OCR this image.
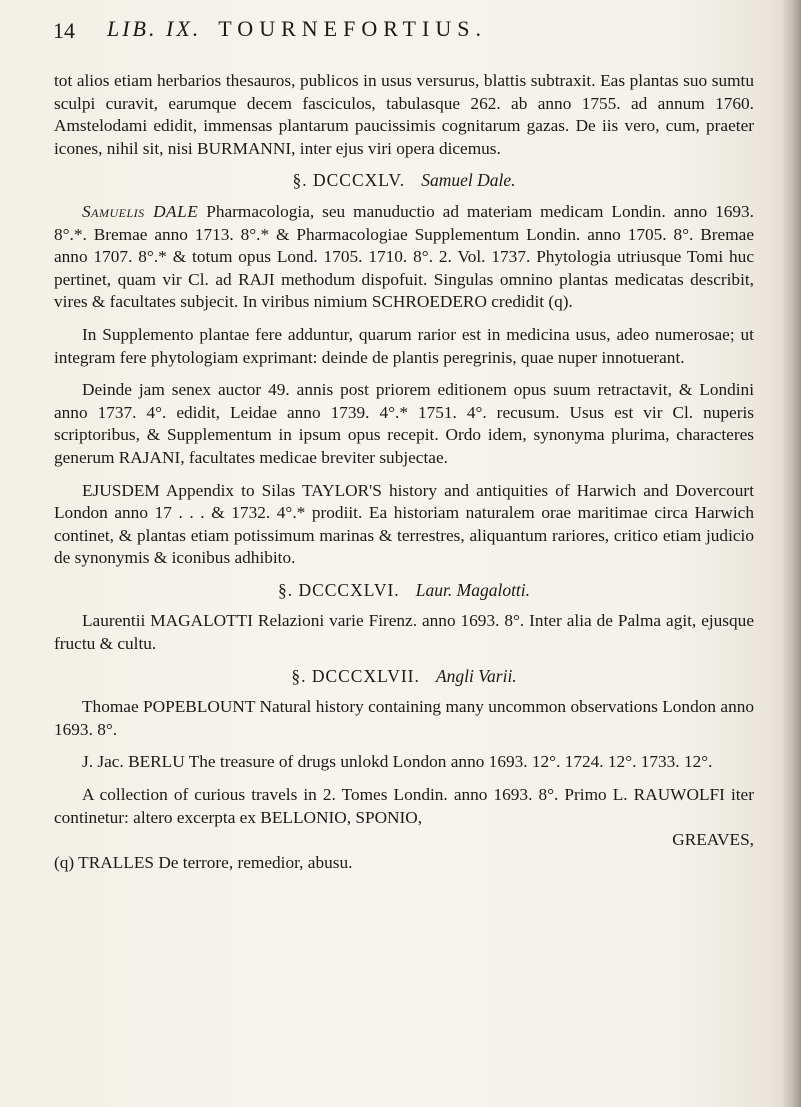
14 LIB. IX. TOURNEFORTIUS.

tot alios etiam herbarios thesauros, publicos in usus versurus, blattis subtraxit. Eas plantas suo sumtu sculpi curavit, earumque decem fasciculos, tabulasque 262. ab anno 1755. ad annum 1760. Amstelodami edidit, immensas plantarum paucissimis cognitarum gazas. De iis vero, cum, praeter icones, nihil sit, nisi BURMANNI, inter ejus viri opera dicemus.

§. DCCCXLV. Samuel Dale.

Samuelis DALE Pharmacologia, seu manuductio ad materiam medicam Londin. anno 1693. 8°.*. Bremae anno 1713. 8°.* & Pharmacologiae Supplementum Londin. anno 1705. 8°. Bremae anno 1707. 8°.* & totum opus Lond. 1705. 1710. 8°. 2. Vol. 1737. Phytologia utriusque Tomi huc pertinet, quam vir Cl. ad RAJI methodum dispofuit. Singulas omnino plantas medicatas describit, vires & facultates subjecit. In viribus nimium SCHROEDERO credidit (q).

In Supplemento plantae fere adduntur, quarum rarior est in medicina usus, adeo numerosae; ut integram fere phytologiam exprimant: deinde de plantis peregrinis, quae nuper innotuerant.

Deinde jam senex auctor 49. annis post priorem editionem opus suum retractavit, & Londini anno 1737. 4°. edidit, Leidae anno 1739. 4°.* 1751. 4°. recusum. Usus est vir Cl. nuperis scriptoribus, & Supplementum in ipsum opus recepit. Ordo idem, synonyma plurima, characteres generum RAJANI, facultates medicae breviter subjectae.

EJUSDEM Appendix to Silas TAYLOR'S history and antiquities of Harwich and Dovercourt London anno 17 . . . & 1732. 4°.* prodiit. Ea historiam naturalem orae maritimae circa Harwich continet, & plantas etiam potissimum marinas & terrestres, aliquantum rariores, critico etiam judicio de synonymis & iconibus adhibito.

§. DCCCXLVI. Laur. Magalotti.

Laurentii MAGALOTTI Relazioni varie Firenz. anno 1693. 8°. Inter alia de Palma agit, ejusque fructu & cultu.

§. DCCCXLVII. Angli Varii.

Thomae POPEBLOUNT Natural history containing many uncommon observations London anno 1693. 8°.

J. Jac. BERLU The treasure of drugs unlokd London anno 1693. 12°. 1724. 12°. 1733. 12°.

A collection of curious travels in 2. Tomes Londin. anno 1693. 8°. Primo L. RAUWOLFI iter continetur: altero excerpta ex BELLONIO, SPONIO,

GREAVES,

(q) TRALLES De terrore, remedior, abusu.
